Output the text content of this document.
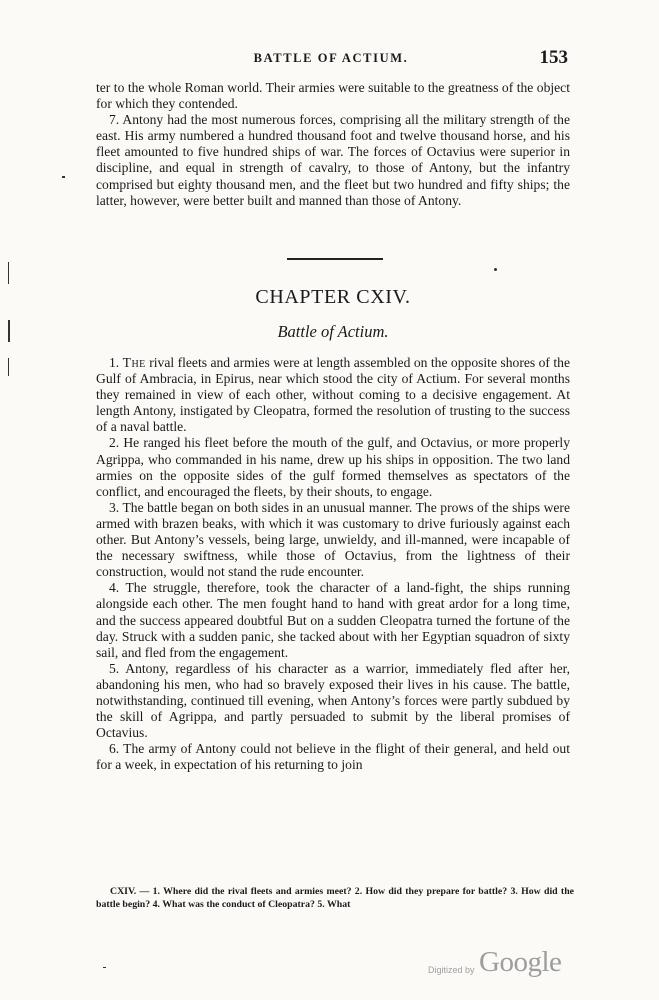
BATTLE OF ACTIUM.	153

ter to the whole Roman world. Their armies were suitable to the greatness of the object for which they contended.

7. Antony had the most numerous forces, comprising all the military strength of the east. His army numbered a hundred thousand foot and twelve thousand horse, and his fleet amounted to five hundred ships of war. The forces of Octavius were superior in discipline, and equal in strength of cavalry, to those of Antony, but the infantry comprised but eighty thousand men, and the fleet but two hundred and fifty ships; the latter, however, were better built and manned than those of Antony.

CHAPTER CXIV.
Battle of Actium.

1. The rival fleets and armies were at length assembled on the opposite shores of the Gulf of Ambracia, in Epirus, near which stood the city of Actium. For several months they remained in view of each other, without coming to a decisive engagement. At length Antony, instigated by Cleopatra, formed the resolution of trusting to the success of a naval battle.

2. He ranged his fleet before the mouth of the gulf, and Octavius, or more properly Agrippa, who commanded in his name, drew up his ships in opposition. The two land armies on the opposite sides of the gulf formed themselves as spectators of the conflict, and encouraged the fleets, by their shouts, to engage.

3. The battle began on both sides in an unusual manner. The prows of the ships were armed with brazen beaks, with which it was customary to drive furiously against each other. But Antony’s vessels, being large, unwieldy, and ill-manned, were incapable of the necessary swiftness, while those of Octavius, from the lightness of their construction, would not stand the rude encounter.

4. The struggle, therefore, took the character of a land-fight, the ships running alongside each other. The men fought hand to hand with great ardor for a long time, and the success appeared doubtful But on a sudden Cleopatra turned the fortune of the day. Struck with a sudden panic, she tacked about with her Egyptian squadron of sixty sail, and fled from the engagement.

5. Antony, regardless of his character as a warrior, immediately fled after her, abandoning his men, who had so bravely exposed their lives in his cause. The battle, notwithstanding, continued till evening, when Antony’s forces were partly subdued by the skill of Agrippa, and partly persuaded to submit by the liberal promises of Octavius.

6. The army of Antony could not believe in the flight of their general, and held out for a week, in expectation of his returning to join

CXIV. — 1. Where did the rival fleets and armies meet? 2. How did they prepare for battle? 3. How did the battle begin? 4. What was the conduct of Cleopatra? 5. What

Digitized by Google
